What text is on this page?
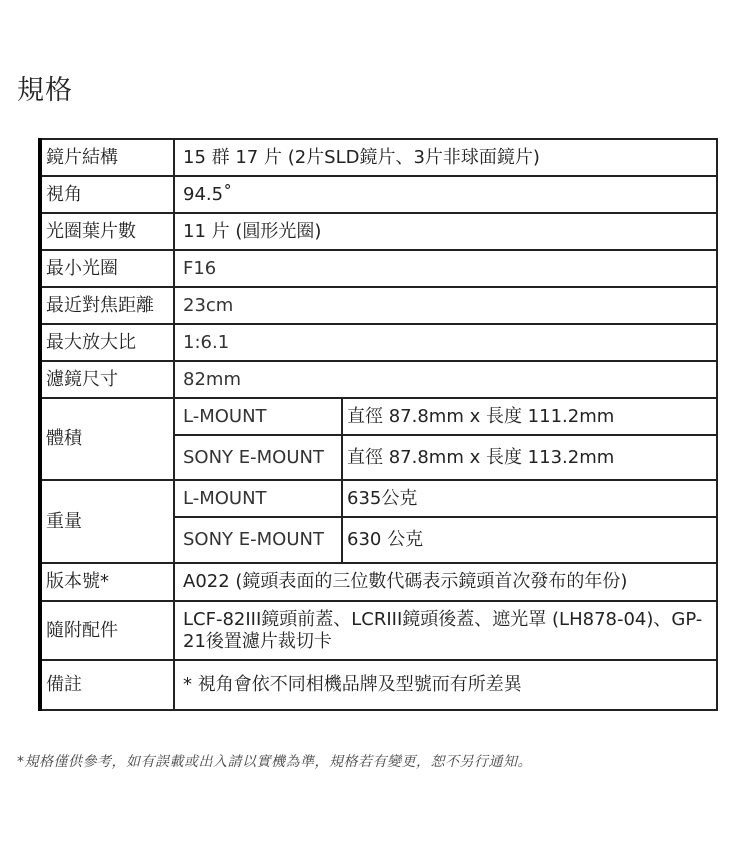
規格
鏡片結構	15 群 17 片 (2片SLD鏡片、3片非球面鏡片)	
視角	94.5˚	
光圈葉片數	11 片 (圓形光圈)	
最小光圈	F16	
最近對焦距離	23cm	
最大放大比	1:6.1	
濾鏡尺寸	82mm	
體積	L-MOUNT	直徑 87.8mm x 長度 111.2mm
	SONY E-MOUNT	直徑 87.8mm x 長度 113.2mm
重量	L-MOUNT	635公克
	SONY E-MOUNT	630 公克
版本號*	A022 (鏡頭表面的三位數代碼表示鏡頭首次發布的年份)	
隨附配件	LCF-82III鏡頭前蓋、LCRIII鏡頭後蓋、遮光罩 (LH878-04)、GP-21後置濾片裁切卡	
備註	* 視角會依不同相機品牌及型號而有所差異	
*規格僅供參考，如有誤載或出入請以實機為準，規格若有變更，恕不另行通知。
